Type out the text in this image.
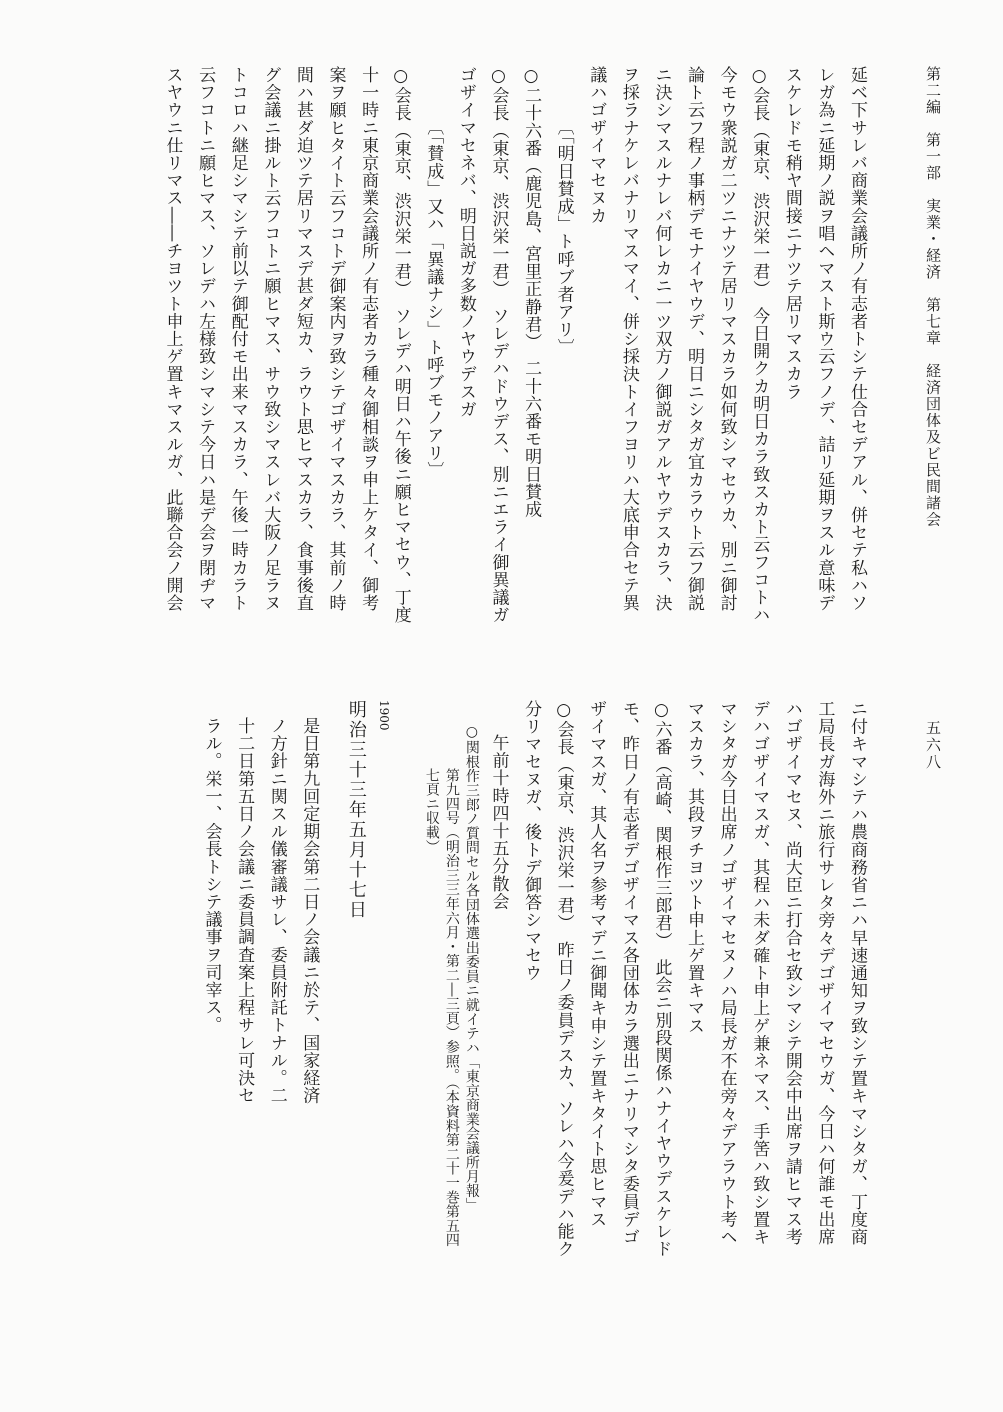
第二編　第一部　実業・経済　第七章　経済団体及ビ民間諸会
五六八
延ベ下サレバ商業会議所ノ有志者トシテ仕合セデアル、併セテ私ハソ
レガ為ニ延期ノ説ヲ唱ヘマスト斯ウ云フノデ、詰リ延期ヲスル意味デ
スケレドモ稍ヤ間接ニナツテ居リマスカラ
○会長（東京、渋沢栄一君）　今日開クカ明日カラ致スカト云フコトハ
今モウ衆説ガ二ツニナツテ居リマスカラ如何致シマセウカ、別ニ御討
論ト云フ程ノ事柄デモナイヤウデ、明日ニシタガ宜カラウト云フ御説
ニ決シマスルナレバ何レカニ一ツ双方ノ御説ガアルヤウデスカラ、決
ヲ採ラナケレバナリマスマイ、併シ採決トイフヨリハ大底申合セテ異
議ハゴザイマセヌカ
〔「明日賛成」ト呼ブ者アリ〕
○二十六番（鹿児島、宮里正静君）　二十六番モ明日賛成
○会長（東京、渋沢栄一君）　ソレデハドウデス、別ニエライ御異議ガ
ゴザイマセネバ、明日説ガ多数ノヤウデスガ
〔「賛成」又ハ「異議ナシ」ト呼ブモノアリ〕
○会長（東京、渋沢栄一君）　ソレデハ明日ハ午後ニ願ヒマセウ、丁度
十一時ニ東京商業会議所ノ有志者カラ種々御相談ヲ申上ケタイ、御考
案ヲ願ヒタイト云フコトデ御案内ヲ致シテゴザイマスカラ、其前ノ時
間ハ甚ダ迫ツテ居リマスデ甚ダ短カ、ラウト思ヒマスカラ、食事後直
グ会議ニ掛ルト云フコトニ願ヒマス、サウ致シマスレバ大阪ノ足ラヌ
トコロハ継足シマシテ前以テ御配付モ出来マスカラ、午後一時カラト
云フコトニ願ヒマス、ソレデハ左様致シマシテ今日ハ是デ会ヲ閉ヂマ
スヤウニ仕リマス――チヨツト申上ゲ置キマスルガ、此聯合会ノ開会
ニ付キマシテハ農商務省ニハ早速通知ヲ致シテ置キマシタガ、丁度商
工局長ガ海外ニ旅行サレタ旁々デゴザイマセウガ、今日ハ何誰モ出席
ハゴザイマセヌ、尚大臣ニ打合セ致シマシテ開会中出席ヲ請ヒマス考
デハゴザイマスガ、其程ハ未ダ確ト申上ゲ兼ネマス、手筈ハ致シ置キ
マシタガ今日出席ノゴザイマセヌノハ局長ガ不在旁々デアラウト考ヘ
マスカラ、其段ヲチヨツト申上ゲ置キマス
○六番（高崎、関根作三郎君）　此会ニ別段関係ハナイヤウデスケレド
モ、昨日ノ有志者デゴザイマス各団体カラ選出ニナリマシタ委員デゴ
ザイマスガ、其人名ヲ参考マデニ御聞キ申シテ置キタイト思ヒマス
○会長（東京、渋沢栄一君）　昨日ノ委員デスカ、ソレハ今爰デハ能ク
分リマセヌガ、後トデ御答シマセウ
午前十時四十五分散会
○関根作三郎ノ質問セル各団体選出委員ニ就イテハ「東京商業会議所月報」
第九四号（明治三三年六月・第二―三頁）参照。（本資料第二十一巻第五四
七頁ニ収載）
1900
明治三十三年五月十七日
是日第九回定期会第二日ノ会議ニ於テ、国家経済
ノ方針ニ関スル儀審議サレ、委員附託トナル。二
十二日第五日ノ会議ニ委員調査案上程サレ可決セ
ラル。栄一、会長トシテ議事ヲ司宰ス。
